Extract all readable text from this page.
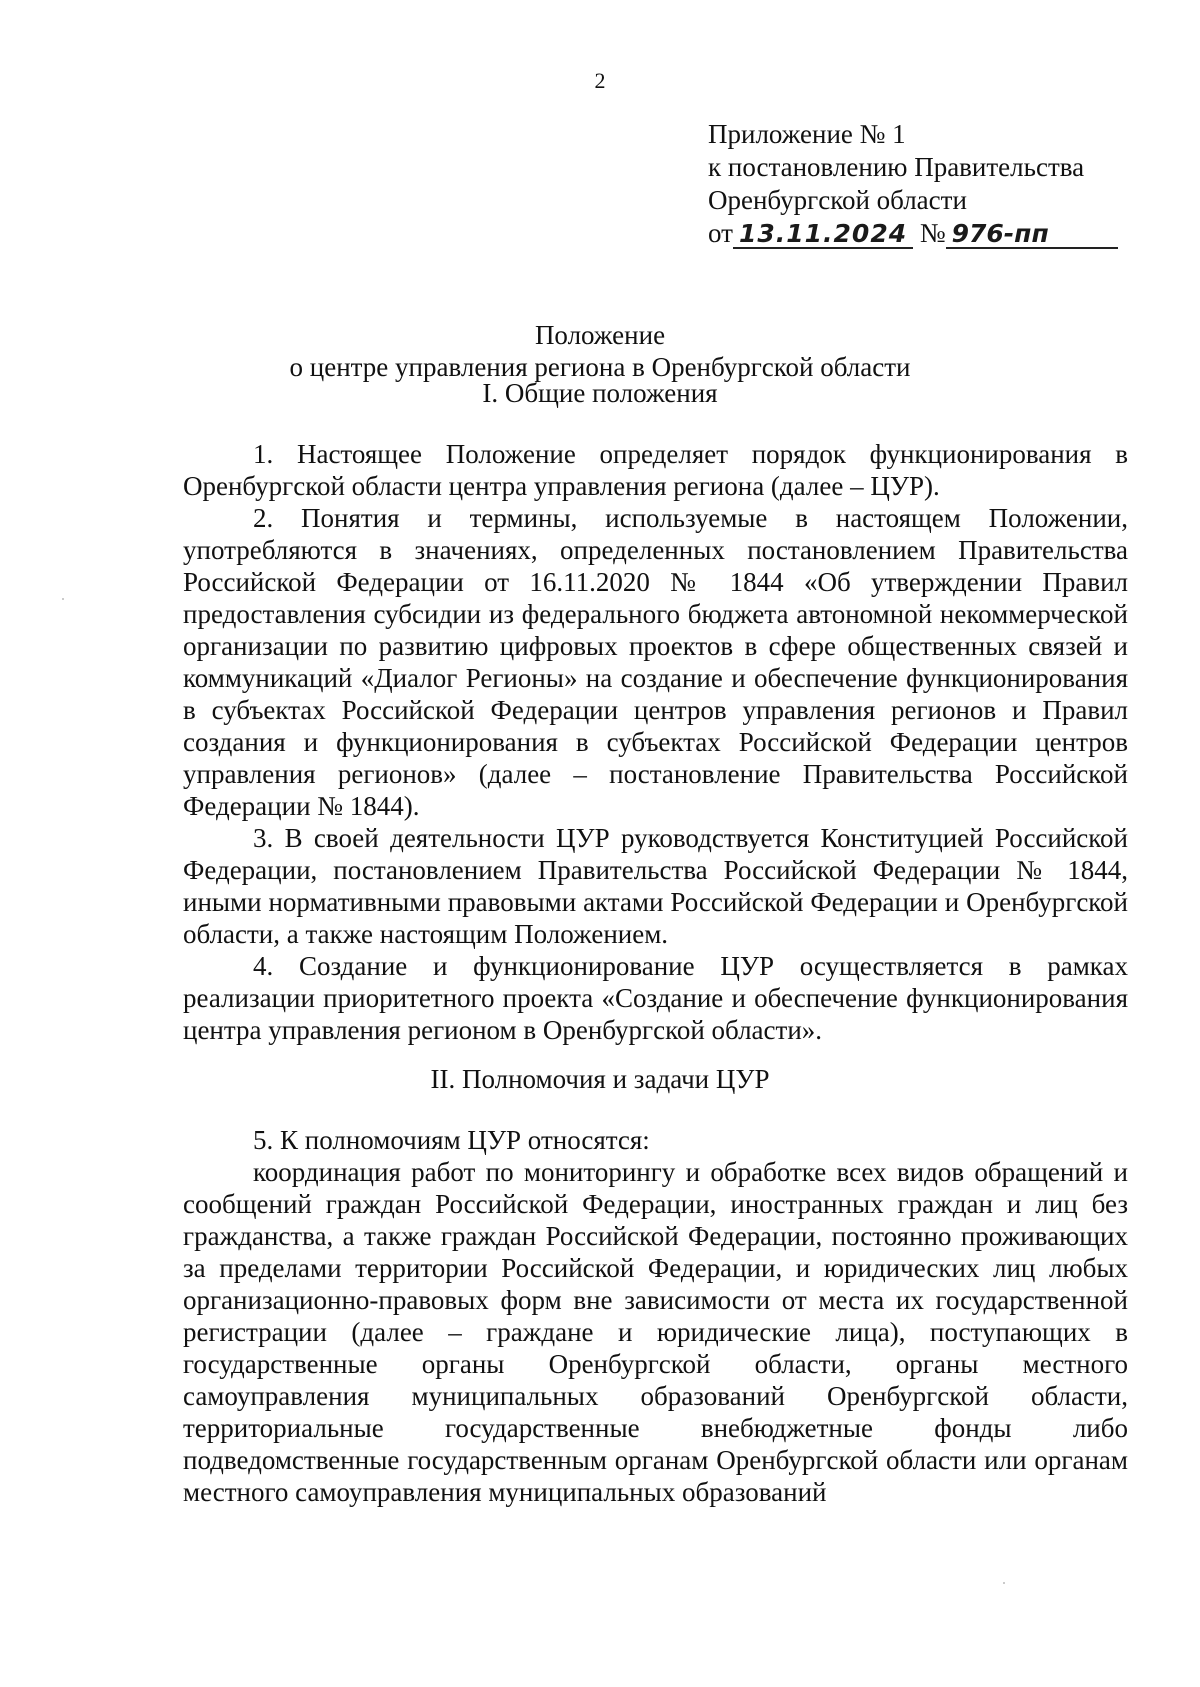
2
Приложение № 1
к постановлению Правительства
Оренбургской области
от 13.11.2024 № 976-пп
Положение
о центре управления региона в Оренбургской области
I. Общие положения

1. Настоящее Положение определяет порядок функционирования в Оренбургской области центра управления региона (далее – ЦУР).

2. Понятия и термины, используемые в настоящем Положении, употребляются в значениях, определенных постановлением Правительства Российской Федерации от 16.11.2020 № 1844 «Об утверждении Правил предоставления субсидии из федерального бюджета автономной некоммерческой организации по развитию цифровых проектов в сфере общественных связей и коммуникаций «Диалог Регионы» на создание и обеспечение функционирования в субъектах Российской Федерации центров управления регионов и Правил создания и функционирования в субъектах Российской Федерации центров управления регионов» (далее – постановление Правительства Российской Федерации № 1844).

3. В своей деятельности ЦУР руководствуется Конституцией Российской Федерации, постановлением Правительства Российской Федерации № 1844, иными нормативными правовыми актами Российской Федерации и Оренбургской области, а также настоящим Положением.

4. Создание и функционирование ЦУР осуществляется в рамках реализации приоритетного проекта «Создание и обеспечение функционирования центра управления регионом в Оренбургской области».

II. Полномочия и задачи ЦУР

5. К полномочиям ЦУР относятся:

координация работ по мониторингу и обработке всех видов обращений и сообщений граждан Российской Федерации, иностранных граждан и лиц без гражданства, а также граждан Российской Федерации, постоянно проживающих за пределами территории Российской Федерации, и юридических лиц любых организационно-правовых форм вне зависимости от места их государственной регистрации (далее – граждане и юридические лица), поступающих в государственные органы Оренбургской области, органы местного самоуправления муниципальных образований Оренбургской области, территориальные государственные внебюджетные фонды либо подведомственные государственным органам Оренбургской области или органам местного самоуправления муниципальных образований
